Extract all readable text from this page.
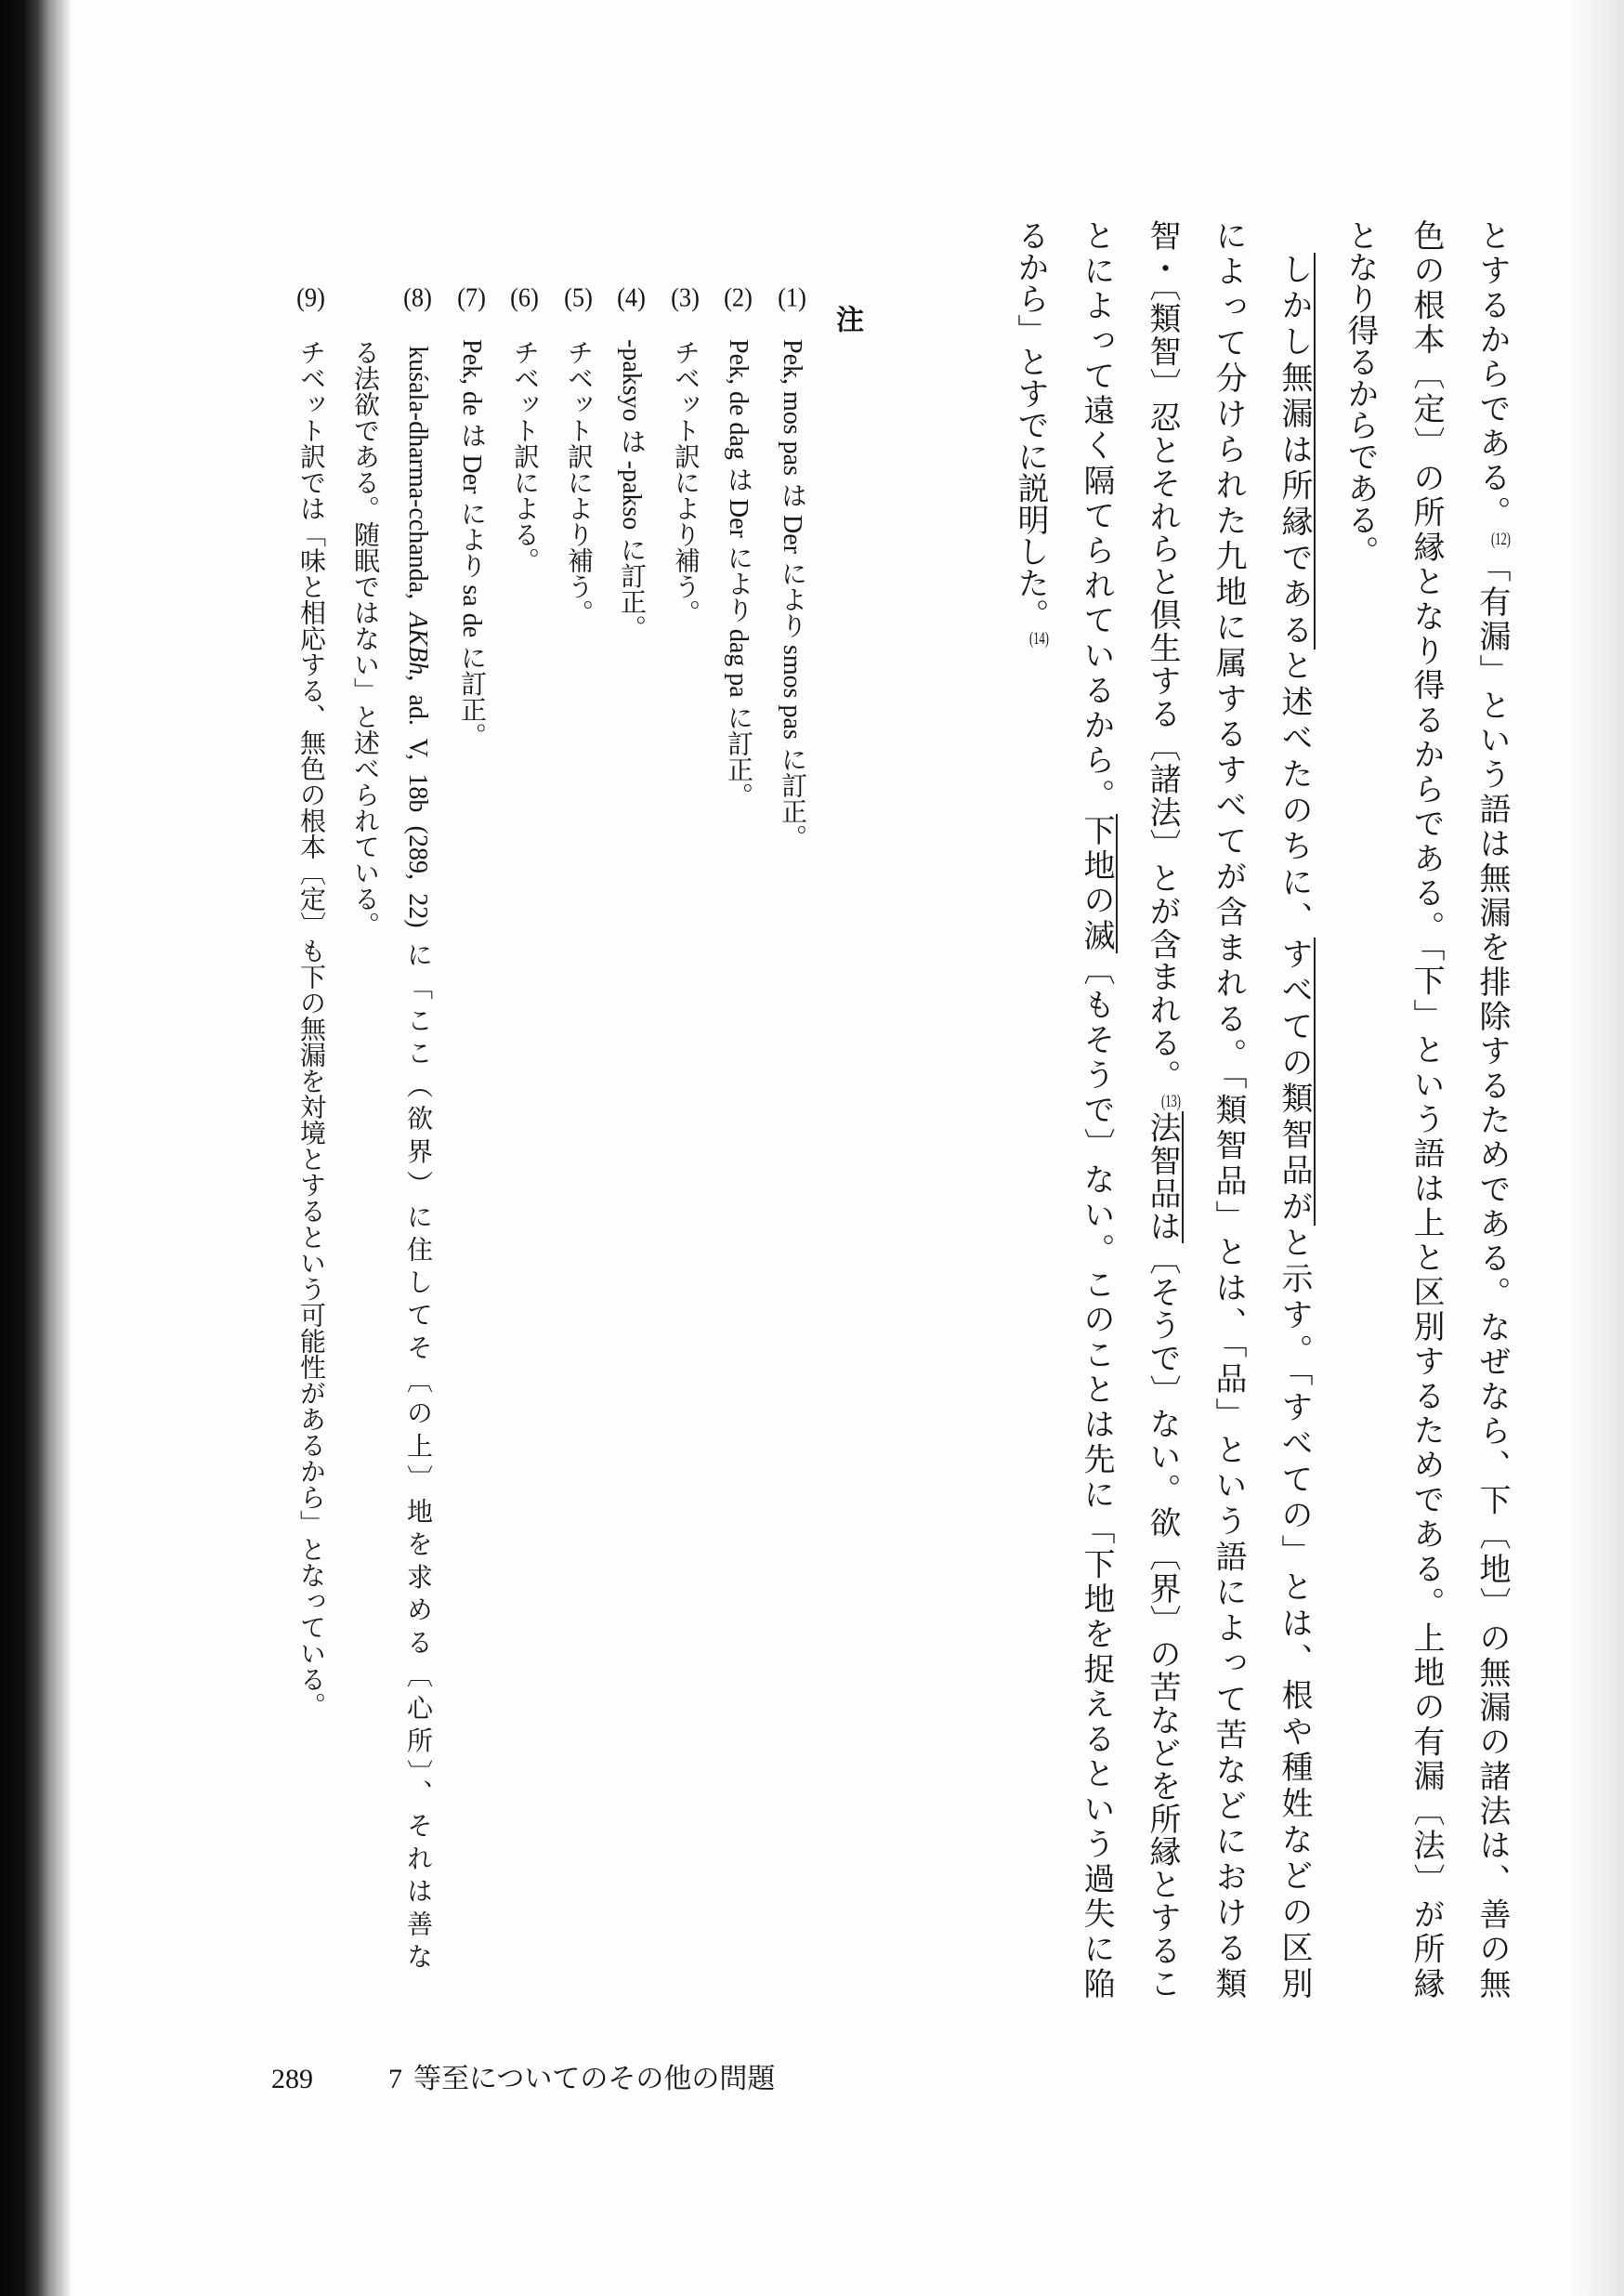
とするからである。(12)「有漏」という語は無漏を排除するためである。なぜなら、下〔地〕の無漏の諸法は、善の無
色の根本〔定〕の所縁となり得るからである。「下」という語は上と区別するためである。上地の有漏〔法〕が所縁
となり得るからである。
しかし無漏は所縁であると述べたのちに、すべての類智品がと示す。「すべての」とは、根や種姓などの区別
によって分けられた九地に属するすべてが含まれる。「類智品」とは、「品」という語によって苦などにおける類
智・〔類智〕忍とそれらと倶生する〔諸法〕とが含まれる。(13)法智品は〔そうで〕ない。欲〔界〕の苦などを所縁とするこ
とによって遠く隔てられているから。下地の滅〔もそうで〕ない。このことは先に「下地を捉えるという過失に陥
るから」とすでに説明した。(14)
注
(1)Pek, mos pas は Der により smos pas に訂正。
(2)Pek, de dag は Der により dag pa に訂正。
(3)チベット訳により補う。
(4)-paksyo は -pakso に訂正。
(5)チベット訳により補う。
(6)チベット訳による。
(7)Pek, de は Der により sa de に訂正。
(8)kuśala-dharma-cchanda, AKBh, ad. V, 18b (289, 22) に「ここ（欲界）に住してそ〔の上〕地を求める〔心所〕、それは善な
る法欲である。随眠ではない」と述べられている。
(9)チベット訳では「味と相応する、無色の根本〔定〕も下の無漏を対境とするという可能性があるから」となっている。
289	7 等至についてのその他の問題
